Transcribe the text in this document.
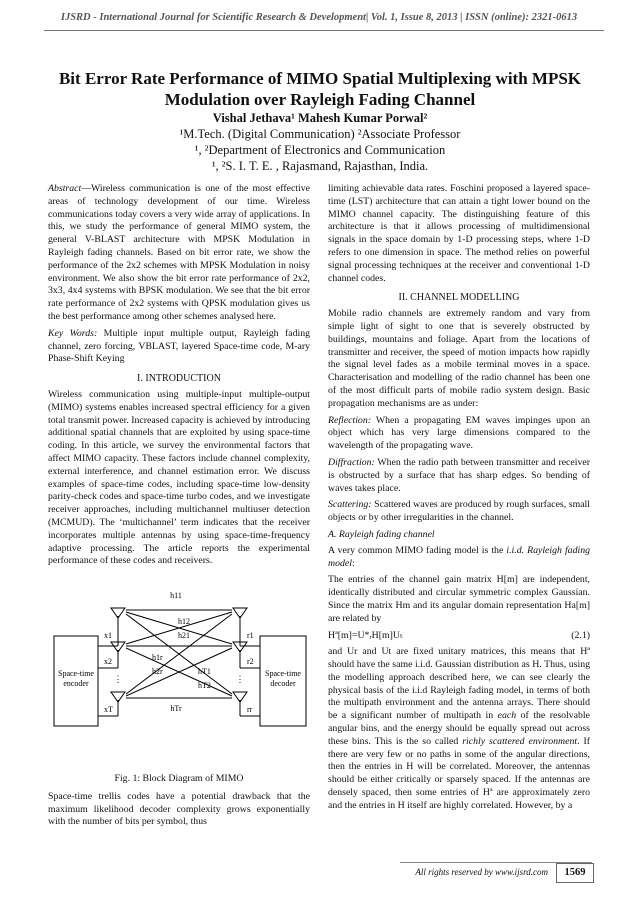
IJSRD - International Journal for Scientific Research & Development| Vol. 1, Issue 8, 2013 | ISSN (online): 2321-0613
Bit Error Rate Performance of MIMO Spatial Multiplexing with MPSK Modulation over Rayleigh Fading Channel
Vishal Jethava¹ Mahesh Kumar Porwal²
¹M.Tech. (Digital Communication) ²Associate Professor
¹, ²Department of Electronics and Communication
¹, ²S. I. T. E. , Rajasmand, Rajasthan, India.

Abstract—Wireless communication is one of the most effective areas of technology development of our time. Wireless communications today covers a very wide array of applications. In this, we study the performance of general MIMO system, the general V-BLAST architecture with MPSK Modulation in Rayleigh fading channels. Based on bit error rate, we show the performance of the 2x2 schemes with MPSK Modulation in noisy environment. We also show the bit error rate performance of 2x2, 3x3, 4x4 systems with BPSK modulation. We see that the bit error rate performance of 2x2 systems with QPSK modulation gives us the best performance among other schemes analysed here.

Key Words: Multiple input multiple output, Rayleigh fading channel, zero forcing, VBLAST, layered Space-time code, M-ary Phase-Shift Keying

I. INTRODUCTION

Wireless communication using multiple-input multiple-output (MIMO) systems enables increased spectral efficiency for a given total transmit power. Increased capacity is achieved by introducing additional spatial channels that are exploited by using space-time coding. In this article, we survey the environmental factors that affect MIMO capacity. These factors include channel complexity, external interference, and channel estimation error. We discuss examples of space-time codes, including space-time low-density parity-check codes and space-time turbo codes, and we investigate receiver approaches, including multichannel multiuser detection (MCMUD). The ‘multichannel’ term indicates that the receiver incorporates multiple antennas by using space-time-frequency adaptive processing. The article reports the experimental performance of these codes and receivers.

Space-time
encoder
Space-time
decoder
h11
h12
h21
h1r
h2r	hT1
hT2
hTr
x1
x2
xT
r1
r2
rr
⋮	⋮
Fig. 1: Block Diagram of MIMO

Space-time trellis codes have a potential drawback that the maximum likelihood decoder complexity grows exponentially with the number of bits per symbol, thus

limiting achievable data rates. Foschini proposed a layered space-time (LST) architecture that can attain a tight lower bound on the MIMO channel capacity. The distinguishing feature of this architecture is that it allows processing of multidimensional signals in the space domain by 1-D processing steps, where 1-D refers to one dimension in space. The method relies on powerful signal processing techniques at the receiver and conventional 1-D channel codes.

II. CHANNEL MODELLING

Mobile radio channels are extremely random and vary from simple light of sight to one that is severely obstructed by buildings, mountains and foliage. Apart from the locations of transmitter and receiver, the speed of motion impacts how rapidly the signal level fades as a mobile terminal moves in a space. Characterisation and modelling of the radio channel has been one of the most difficult parts of mobile radio system design. Basic propagation mechanisms are as under:

Reflection: When a propagating EM waves impinges upon an object which has very large dimensions compared to the wavelength of the propagating wave.

Diffraction: When the radio path between transmitter and receiver is obstructed by a surface that has sharp edges. So bending of waves takes place.

Scattering: Scattered waves are produced by rough surfaces, small objects or by other irregularities in the channel.

A. Rayleigh fading channel

A very common MIMO fading model is the i.i.d. Rayleigh fading model:

The entries of the channel gain matrix H[m] are independent, identically distributed and circular symmetric complex Gaussian. Since the matrix Hm and its angular domain representation Ha[m] are related by

Hª[m]=U*ᵣH[m]Uₜ	(2.1)

and Ur and Ut are fixed unitary matrices, this means that Hª should have the same i.i.d. Gaussian distribution as H. Thus, using the modelling approach described here, we can see clearly the physical basis of the i.i.d Rayleigh fading model, in terms of both the multipath environment and the antenna arrays. There should be a significant number of multipath in each of the resolvable angular bins, and the energy should be equally spread out across these bins. This is the so called richly scattered environment. If there are very few or no paths in some of the angular directions, then the entries in H will be correlated. Moreover, the antennas should be either critically or sparsely spaced. If the antennas are densely spaced, then some entries of Hª are approximately zero and the entries in H itself are highly correlated. However, by a

All rights reserved by www.ijsrd.com	1569
